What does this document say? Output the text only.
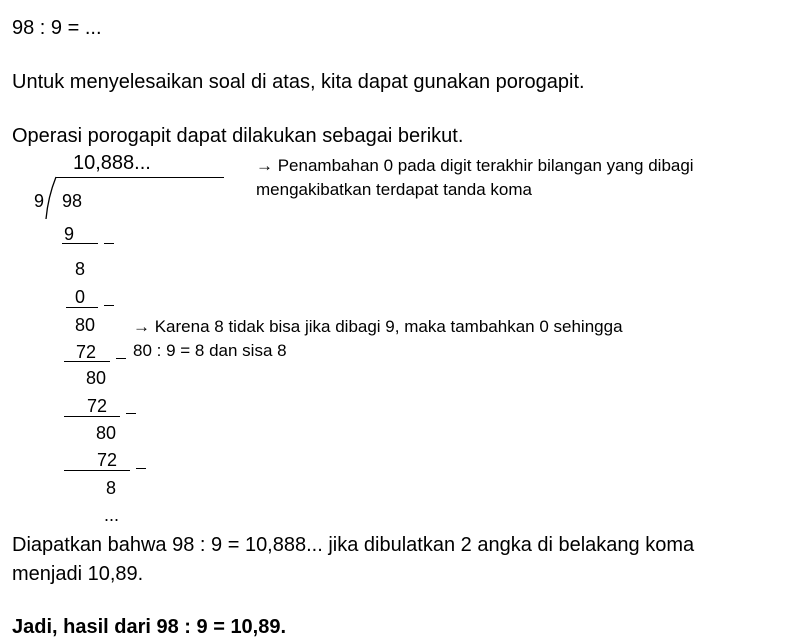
98 : 9 = ...
Untuk menyelesaikan soal di atas, kita dapat gunakan porogapit.
Operasi porogapit dapat dilakukan sebagai berikut.
10,888...
9 98
9
8
0
80
72
80
72
80
72
8
...
→ Penambahan 0 pada digit terakhir bilangan yang dibagi
mengakibatkan terdapat tanda koma
→ Karena 8 tidak bisa jika dibagi 9, maka tambahkan 0 sehingga
80 : 9 = 8 dan sisa 8
Diapatkan bahwa 98 : 9 = 10,888... jika dibulatkan 2 angka di belakang koma
menjadi 10,89.
Jadi, hasil dari 98 : 9 = 10,89.
